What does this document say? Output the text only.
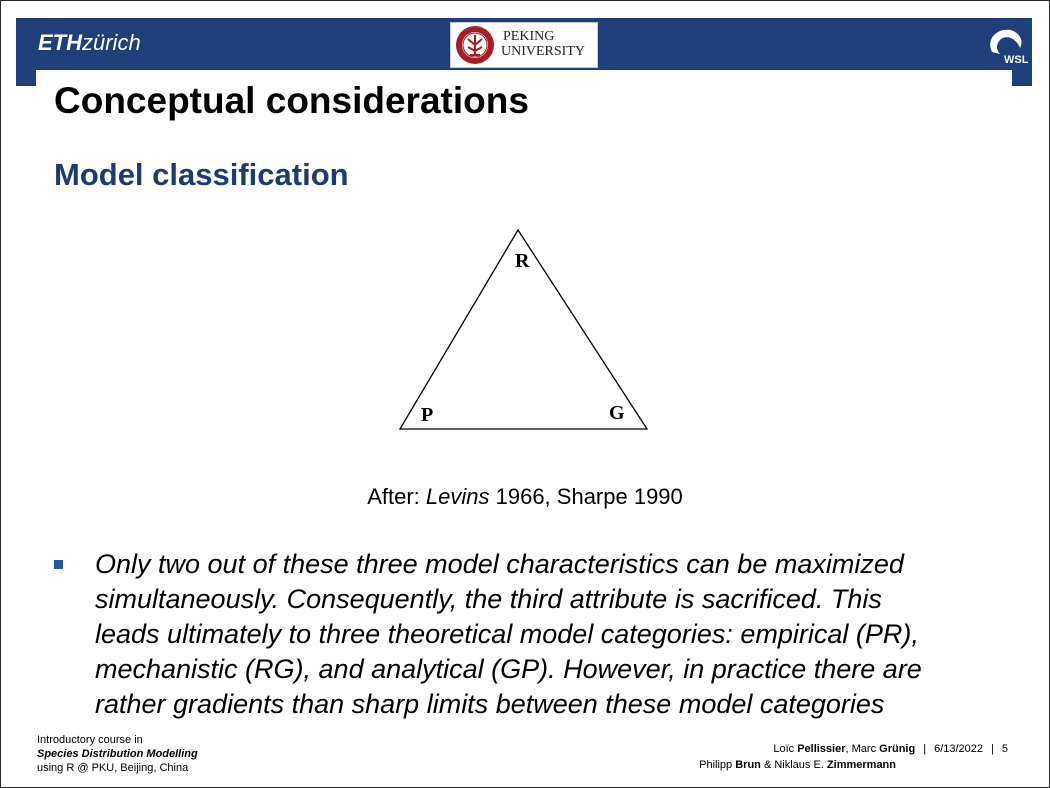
ETHzürich	PEKING
UNIVERSITY
WSL
Conceptual considerations
Model classification
R
P	G
After: Levins 1966, Sharpe 1990

Only two out of these three model characteristics can be maximized
simultaneously. Consequently, the third attribute is sacrificed. This
leads ultimately to three theoretical model categories: empirical (PR),
mechanistic (RG), and analytical (GP). However, in practice there are
rather gradients than sharp limits between these model categories

Introductory course in
Species Distribution Modelling
using R @ PKU, Beijing, China
Loïc Pellissier, Marc Grünig | 6/13/2022 | 5
Philipp Brun & Niklaus E. Zimmermann
